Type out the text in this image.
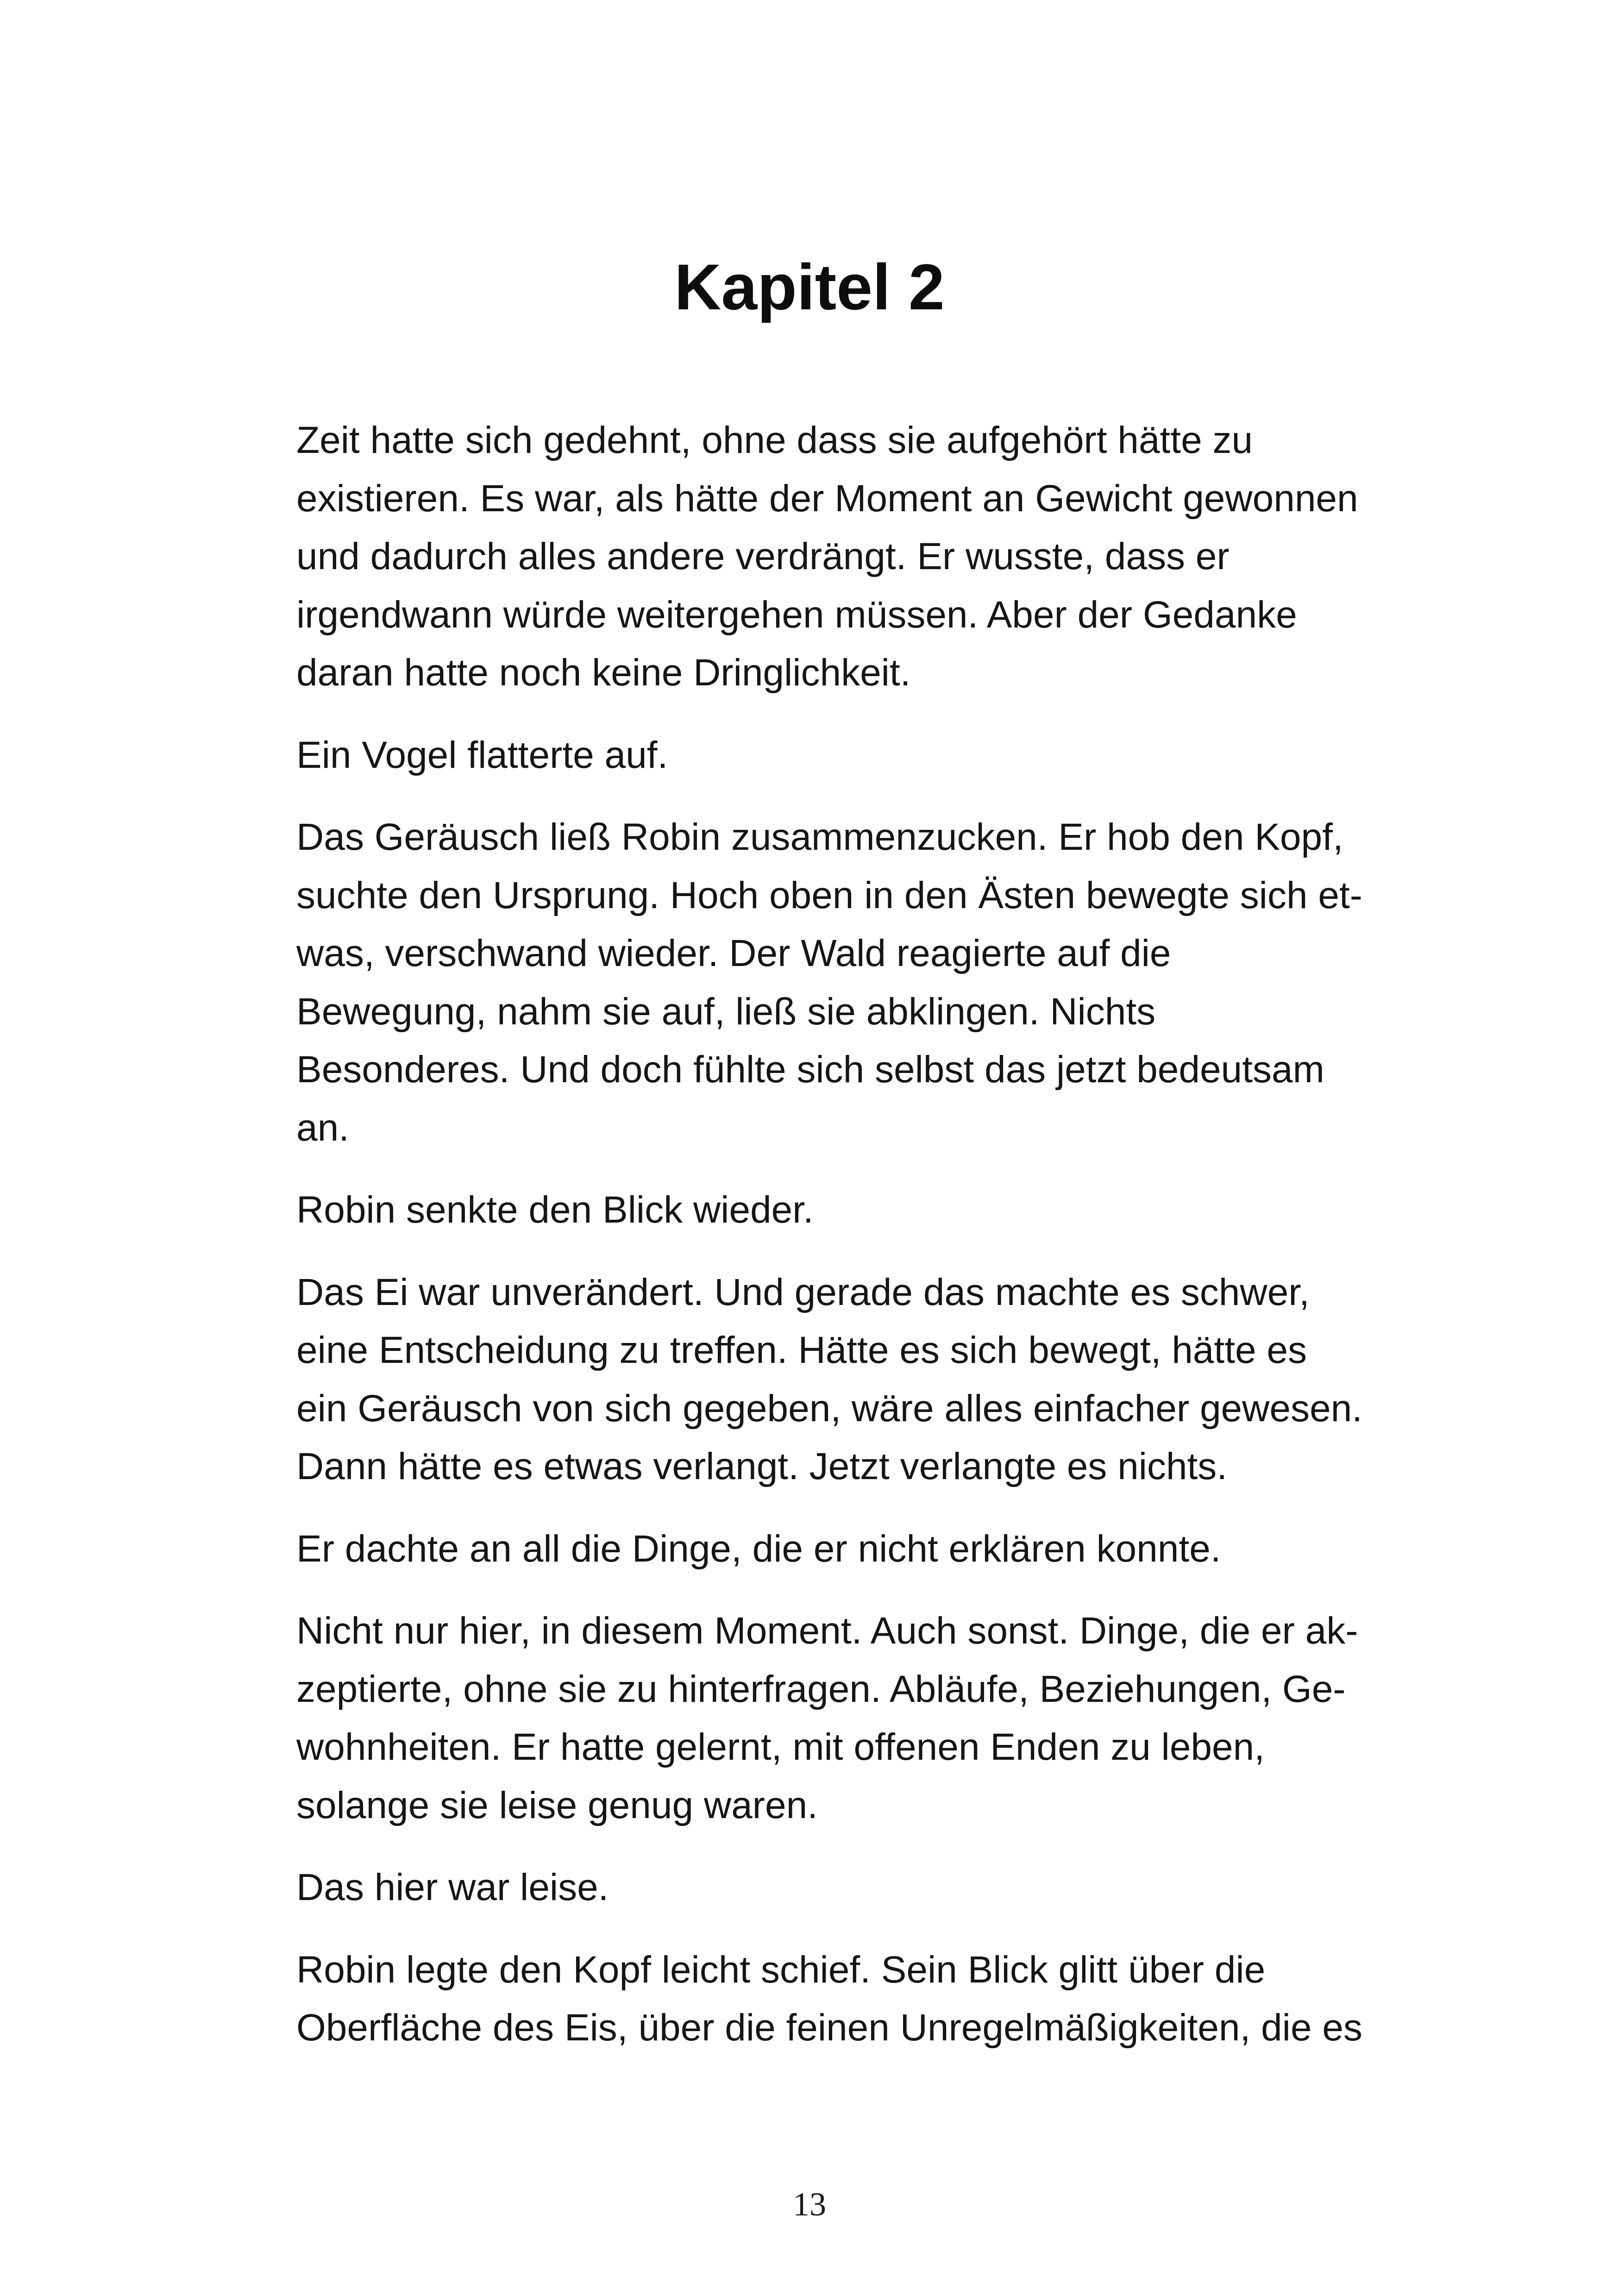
Kapitel 2

Zeit hatte sich gedehnt, ohne dass sie aufgehört hätte zu
existieren. Es war, als hätte der Moment an Gewicht gewonnen
und dadurch alles andere verdrängt. Er wusste, dass er
irgendwann würde weitergehen müssen. Aber der Gedanke
daran hatte noch keine Dringlichkeit.

Ein Vogel flatterte auf.

Das Geräusch ließ Robin zusammenzucken. Er hob den Kopf,
suchte den Ursprung. Hoch oben in den Ästen bewegte sich et-
was, verschwand wieder. Der Wald reagierte auf die
Bewegung, nahm sie auf, ließ sie abklingen. Nichts
Besonderes. Und doch fühlte sich selbst das jetzt bedeutsam
an.

Robin senkte den Blick wieder.

Das Ei war unverändert. Und gerade das machte es schwer,
eine Entscheidung zu treffen. Hätte es sich bewegt, hätte es
ein Geräusch von sich gegeben, wäre alles einfacher gewesen.
Dann hätte es etwas verlangt. Jetzt verlangte es nichts.

Er dachte an all die Dinge, die er nicht erklären konnte.

Nicht nur hier, in diesem Moment. Auch sonst. Dinge, die er ak-
zeptierte, ohne sie zu hinterfragen. Abläufe, Beziehungen, Ge-
wohnheiten. Er hatte gelernt, mit offenen Enden zu leben,
solange sie leise genug waren.

Das hier war leise.

Robin legte den Kopf leicht schief. Sein Blick glitt über die
Oberfläche des Eis, über die feinen Unregelmäßigkeiten, die es

13
